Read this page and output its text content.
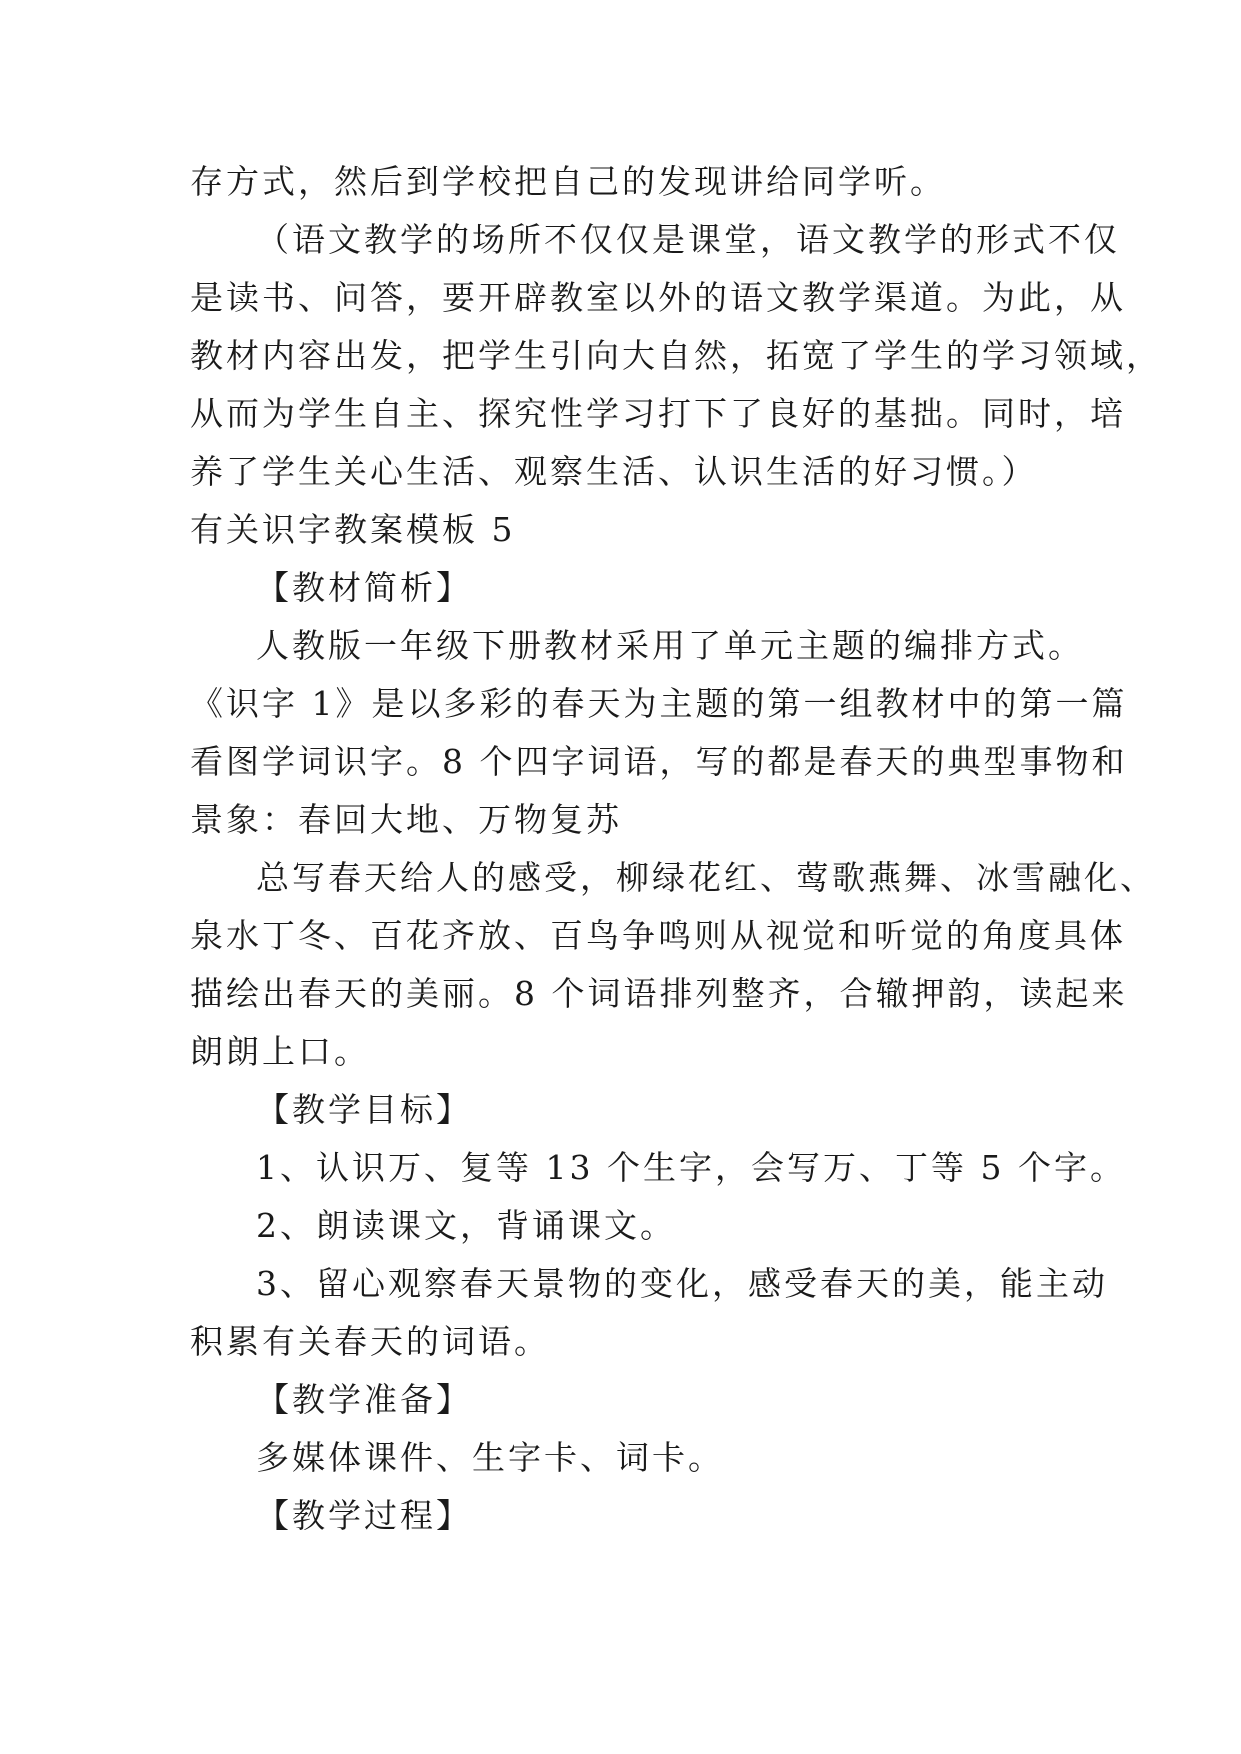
存方式，然后到学校把自己的发现讲给同学听。
（语文教学的场所不仅仅是课堂，语文教学的形式不仅
是读书、问答，要开辟教室以外的语文教学渠道。为此，从
教材内容出发，把学生引向大自然，拓宽了学生的学习领域，
从而为学生自主、探究性学习打下了良好的基拙。同时，培
养了学生关心生活、观察生活、认识生活的好习惯。）
有关识字教案模板 5
【教材简析】
人教版一年级下册教材采用了单元主题的编排方式。
《识字 1》是以多彩的春天为主题的第一组教材中的第一篇
看图学词识字。8 个四字词语，写的都是春天的典型事物和
景象：春回大地、万物复苏
总写春天给人的感受，柳绿花红、莺歌燕舞、冰雪融化、
泉水丁冬、百花齐放、百鸟争鸣则从视觉和听觉的角度具体
描绘出春天的美丽。8 个词语排列整齐，合辙押韵，读起来
朗朗上口。
【教学目标】
1、认识万、复等 13 个生字，会写万、丁等 5 个字。
2、朗读课文，背诵课文。
3、留心观察春天景物的变化，感受春天的美，能主动
积累有关春天的词语。
【教学准备】
多媒体课件、生字卡、词卡。
【教学过程】
